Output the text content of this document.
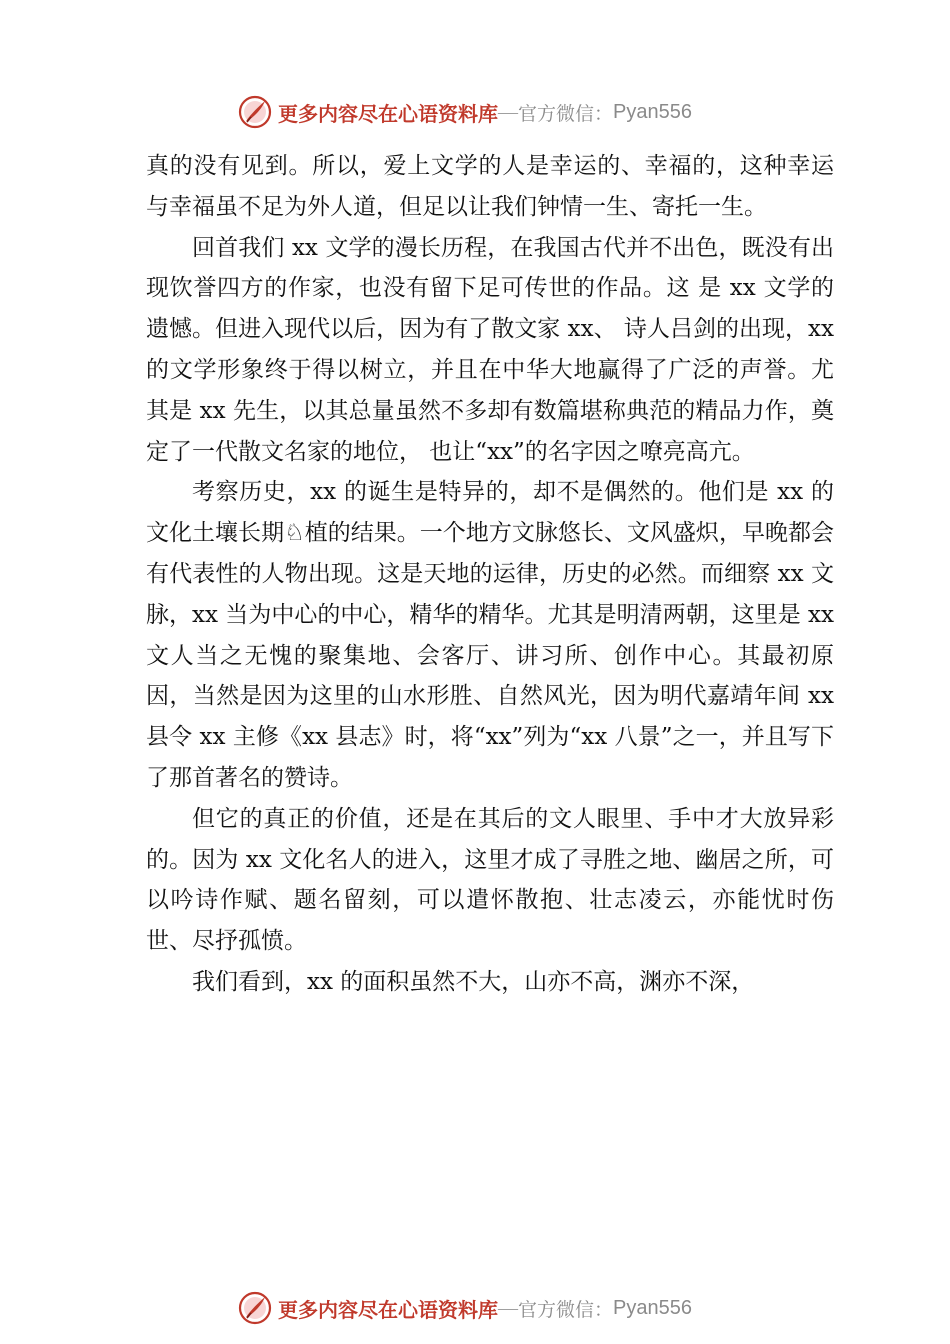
更多内容尽在心语资料库 — 官方微信： Pyan556

真的没有见到。所以，爱上文学的人是幸运的、幸福的，这种幸运与幸福虽不足为外人道，但足以让我们钟情一生、寄托一生。

回首我们 xx 文学的漫长历程，在我国古代并不出色，既没有出现饮誉四方的作家，也没有留下足可传世的作品。这 是 xx 文学的遗憾。但进入现代以后，因为有了散文家 xx、 诗人吕剑的出现，xx 的文学形象终于得以树立，并且在中华大地赢得了广泛的声誉。尤其是 xx 先生，以其总量虽然不多却有数篇堪称典范的精品力作，奠定了一代散文名家的地位， 也让“xx”的名字因之嘹亮高亢。

考察历史，xx 的诞生是特异的，却不是偶然的。他们是 xx 的文化土壤长期♘植的结果。一个地方文脉悠长、文风盛炽，早晚都会有代表性的人物出现。这是天地的运律，历史的必然。而细察 xx 文脉，xx 当为中心的中心，精华的精华。尤其是明清两朝，这里是 xx 文人当之无愧的聚集地、会客厅、讲习所、创作中心。其最初原因，当然是因为这里的山水形胜、自然风光，因为明代嘉靖年间 xx 县令 xx 主修《xx 县志》时，将“xx”列为“xx 八景”之一，并且写下了那首著名的赞诗。

但它的真正的价值，还是在其后的文人眼里、手中才大放异彩的。因为 xx 文化名人的进入，这里才成了寻胜之地、幽居之所，可以吟诗作赋、题名留刻，可以遣怀散抱、壮志凌云，亦能忧时伤世、尽抒孤愤。

我们看到，xx 的面积虽然不大，山亦不高，渊亦不深，

更多内容尽在心语资料库 — 官方微信： Pyan556
